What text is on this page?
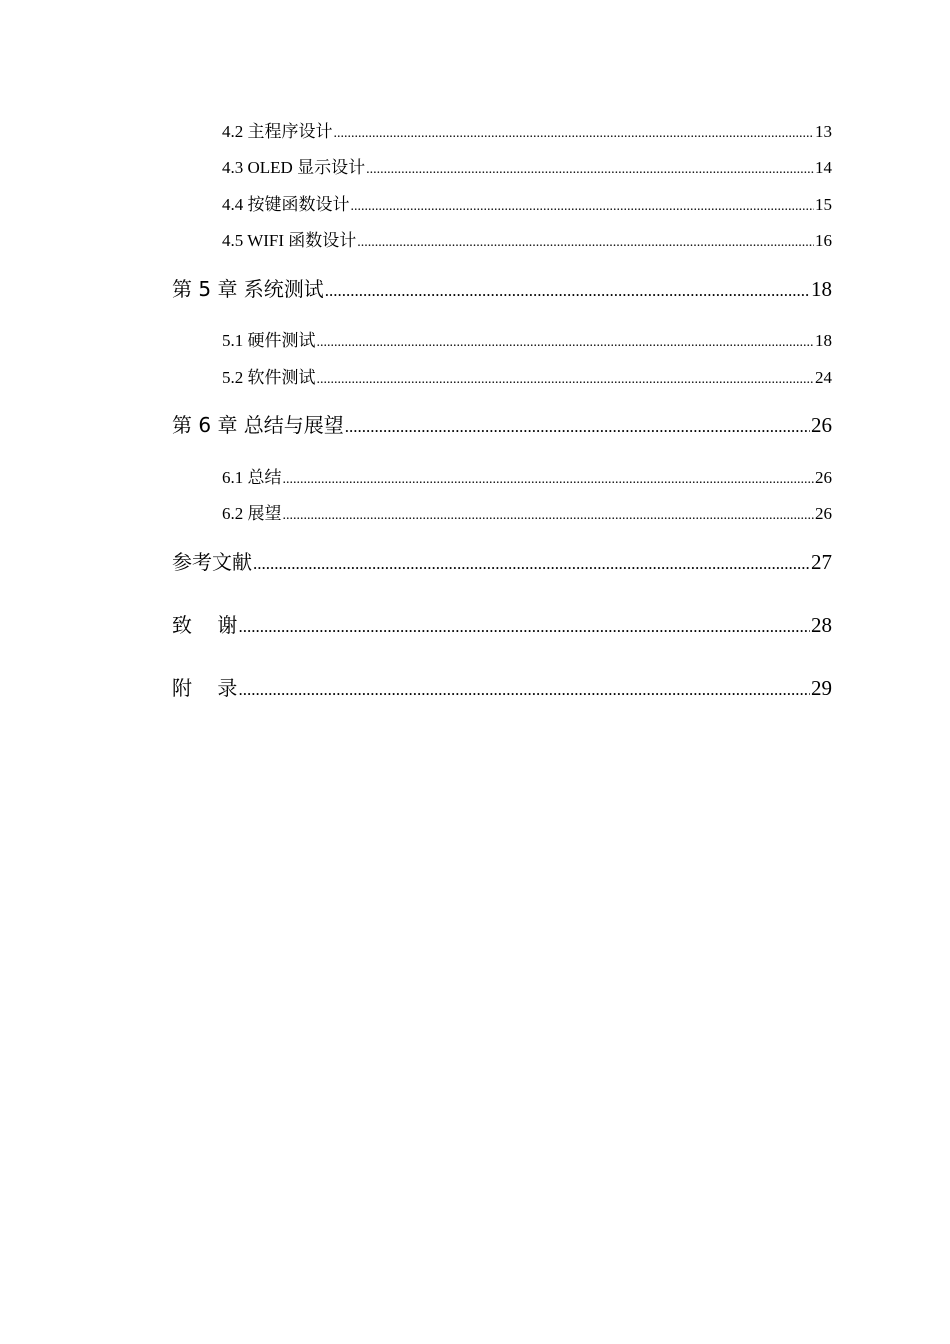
4.2 主程序设计 .....	13
4.3 OLED 显示设计 .....	14
4.4 按键函数设计 .....	15
4.5 WIFI 函数设计 .....	16
第 5 章 系统测试 .....	18
5.1 硬件测试 .....	18
5.2 软件测试 .....	24
第 6 章 总结与展望 .....	26
6.1 总结 .....	26
6.2 展望 .....	26
参考文献 .....	27
致    谢 .....	28
附    录 .....	29
